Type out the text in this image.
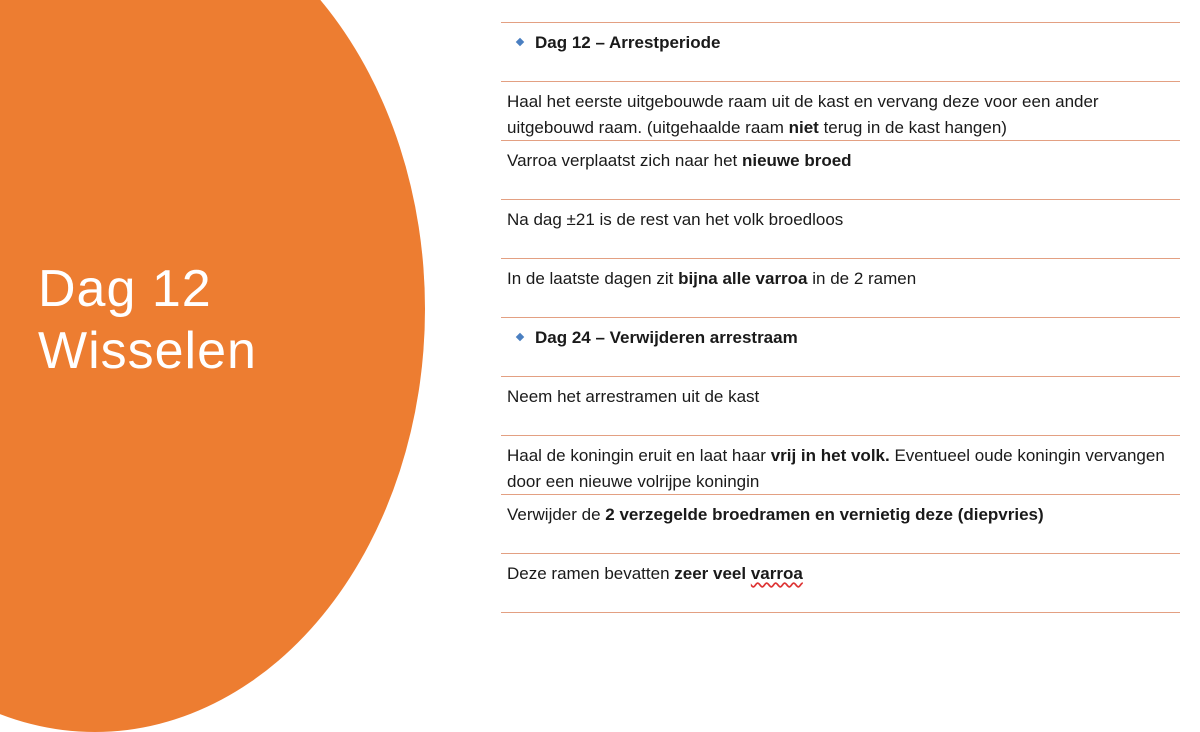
Dag 12
Wisselen
Dag 12 – Arrestperiode
Haal het eerste uitgebouwde raam uit de kast en vervang deze voor een ander uitgebouwd raam. (uitgehaalde raam niet terug in de kast hangen)
Varroa verplaatst zich naar het nieuwe broed
Na dag ±21 is de rest van het volk broedloos
In de laatste dagen zit bijna alle varroa in de 2 ramen
Dag 24 – Verwijderen arrestraam
Neem het arrestramen uit de kast
Haal de koningin eruit en laat haar vrij in het volk. Eventueel oude koningin vervangen door een nieuwe volrijpe koningin
Verwijder de 2 verzegelde broedramen en vernietig deze (diepvries)
Deze ramen bevatten zeer veel varroa
